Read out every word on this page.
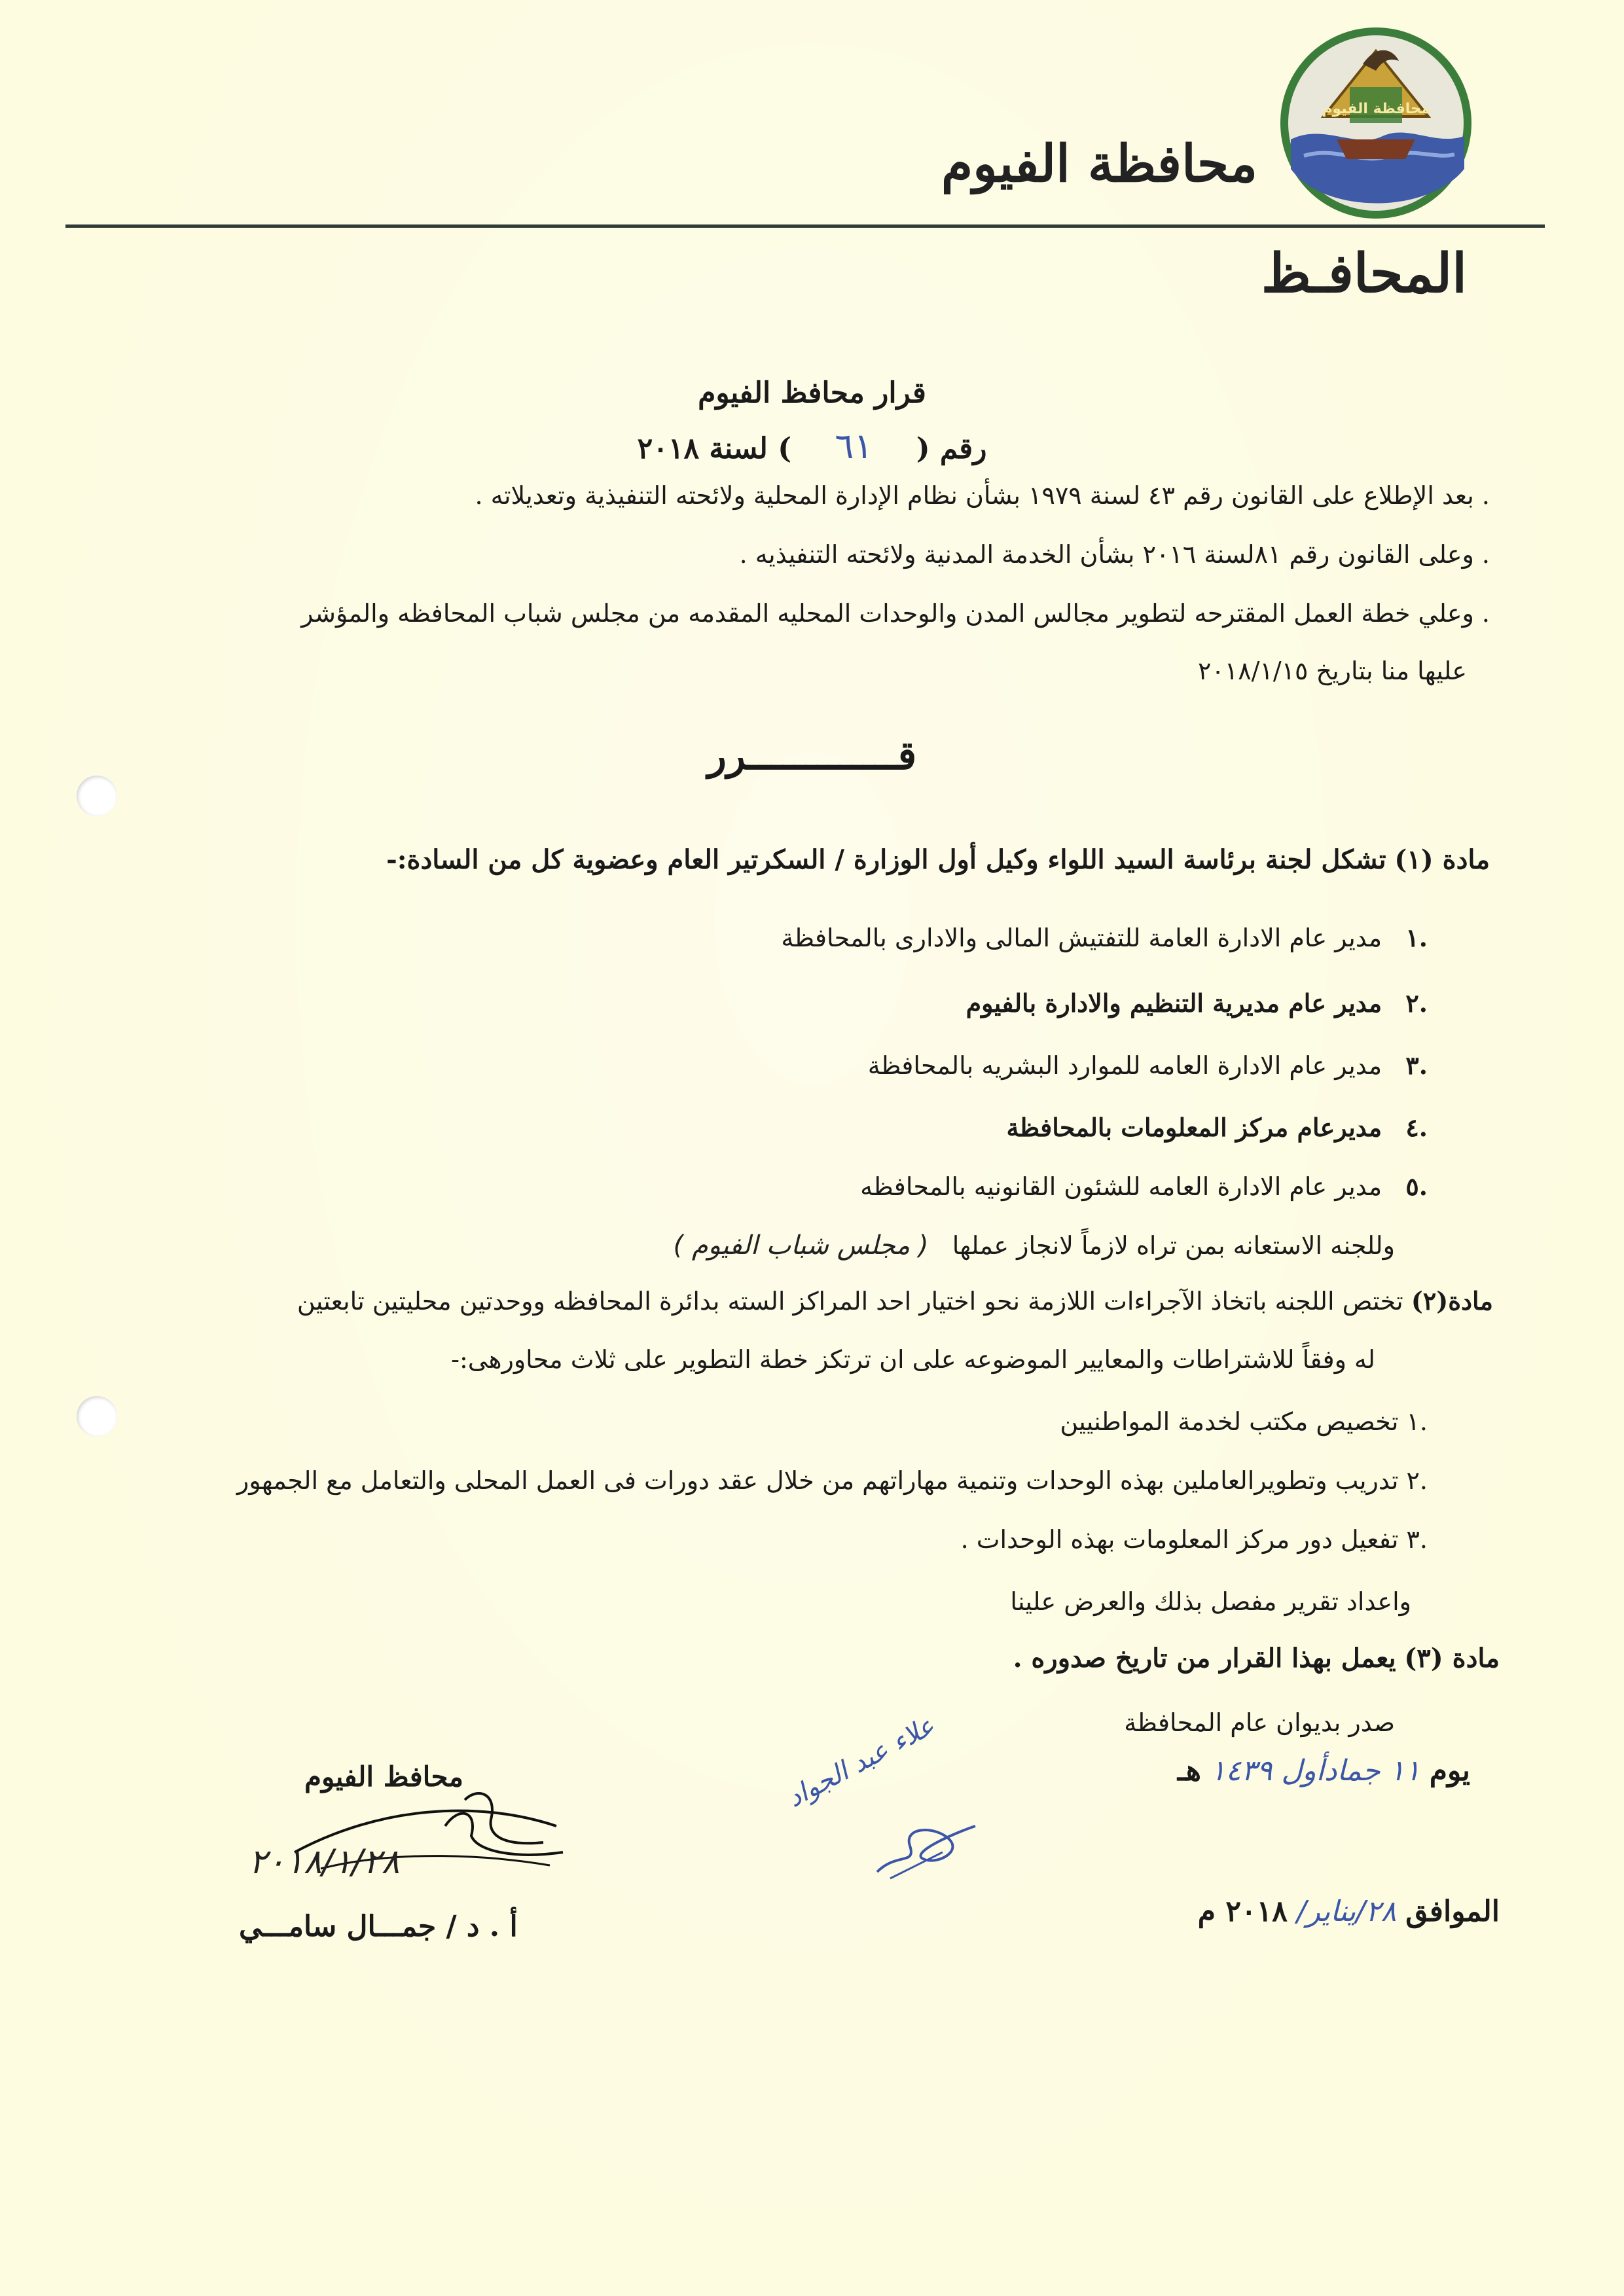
محافظة الفيوم
محافظة الفيوم
المحافـظ
قرار محافظ الفيوم
رقم ( ٦١ ) لسنة ٢٠١٨
. بعد الإطلاع على القانون رقم ٤٣ لسنة ١٩٧٩ بشأن نظام الإدارة المحلية ولائحته التنفيذية وتعديلاته .
. وعلى القانون رقم ٨١لسنة ٢٠١٦ بشأن الخدمة المدنية ولائحته التنفيذيه .
. وعلي خطة العمل المقترحه لتطوير مجالس المدن والوحدات المحليه المقدمه من مجلس شباب المحافظه والمؤشر
عليها منا بتاريخ ٢٠١٨/١/١٥
قـــــــــــــرر
مادة (١) تشكل لجنة برئاسة السيد اللواء وكيل أول الوزارة / السكرتير العام وعضوية كل من السادة:-
.١   مدير عام الادارة العامة للتفتيش المالى والادارى بالمحافظة
.٢   مدير عام مديرية التنظيم والادارة بالفيوم
.٣   مدير عام الادارة العامه للموارد البشريه بالمحافظة
.٤   مديرعام مركز المعلومات بالمحافظة
.٥   مدير عام الادارة العامه للشئون القانونيه بالمحافظه
وللجنه الاستعانه بمن تراه لازماً لانجاز عملها   ( مجلس شباب الفيوم )
مادة(٢) تختص اللجنه باتخاذ الآجراءات اللازمة نحو اختيار احد المراكز السته بدائرة المحافظه ووحدتين محليتين تابعتين
له وفقاً للاشتراطات والمعايير الموضوعه على ان ترتكز خطة التطوير على ثلاث محاورهى:-
.١ تخصيص مكتب لخدمة المواطنيين
.٢ تدريب وتطويرالعاملين بهذه الوحدات وتنمية مهاراتهم من خلال عقد دورات فى العمل المحلى والتعامل مع الجمهور
.٣ تفعيل دور مركز المعلومات بهذه الوحدات .
واعداد تقرير مفصل بذلك والعرض علينا
مادة (٣) يعمل بهذا القرار من تاريخ صدوره .
صدر بديوان عام المحافظة
يوم ١١ جمادأول ١٤٣٩ هـ
الموافق ٢٨/يناير/ ٢٠١٨ م
علاء عبد الجواد
محافظ الفيوم
٢٠١٨/١/٢٨
أ . د / جمـــال سامـــي
